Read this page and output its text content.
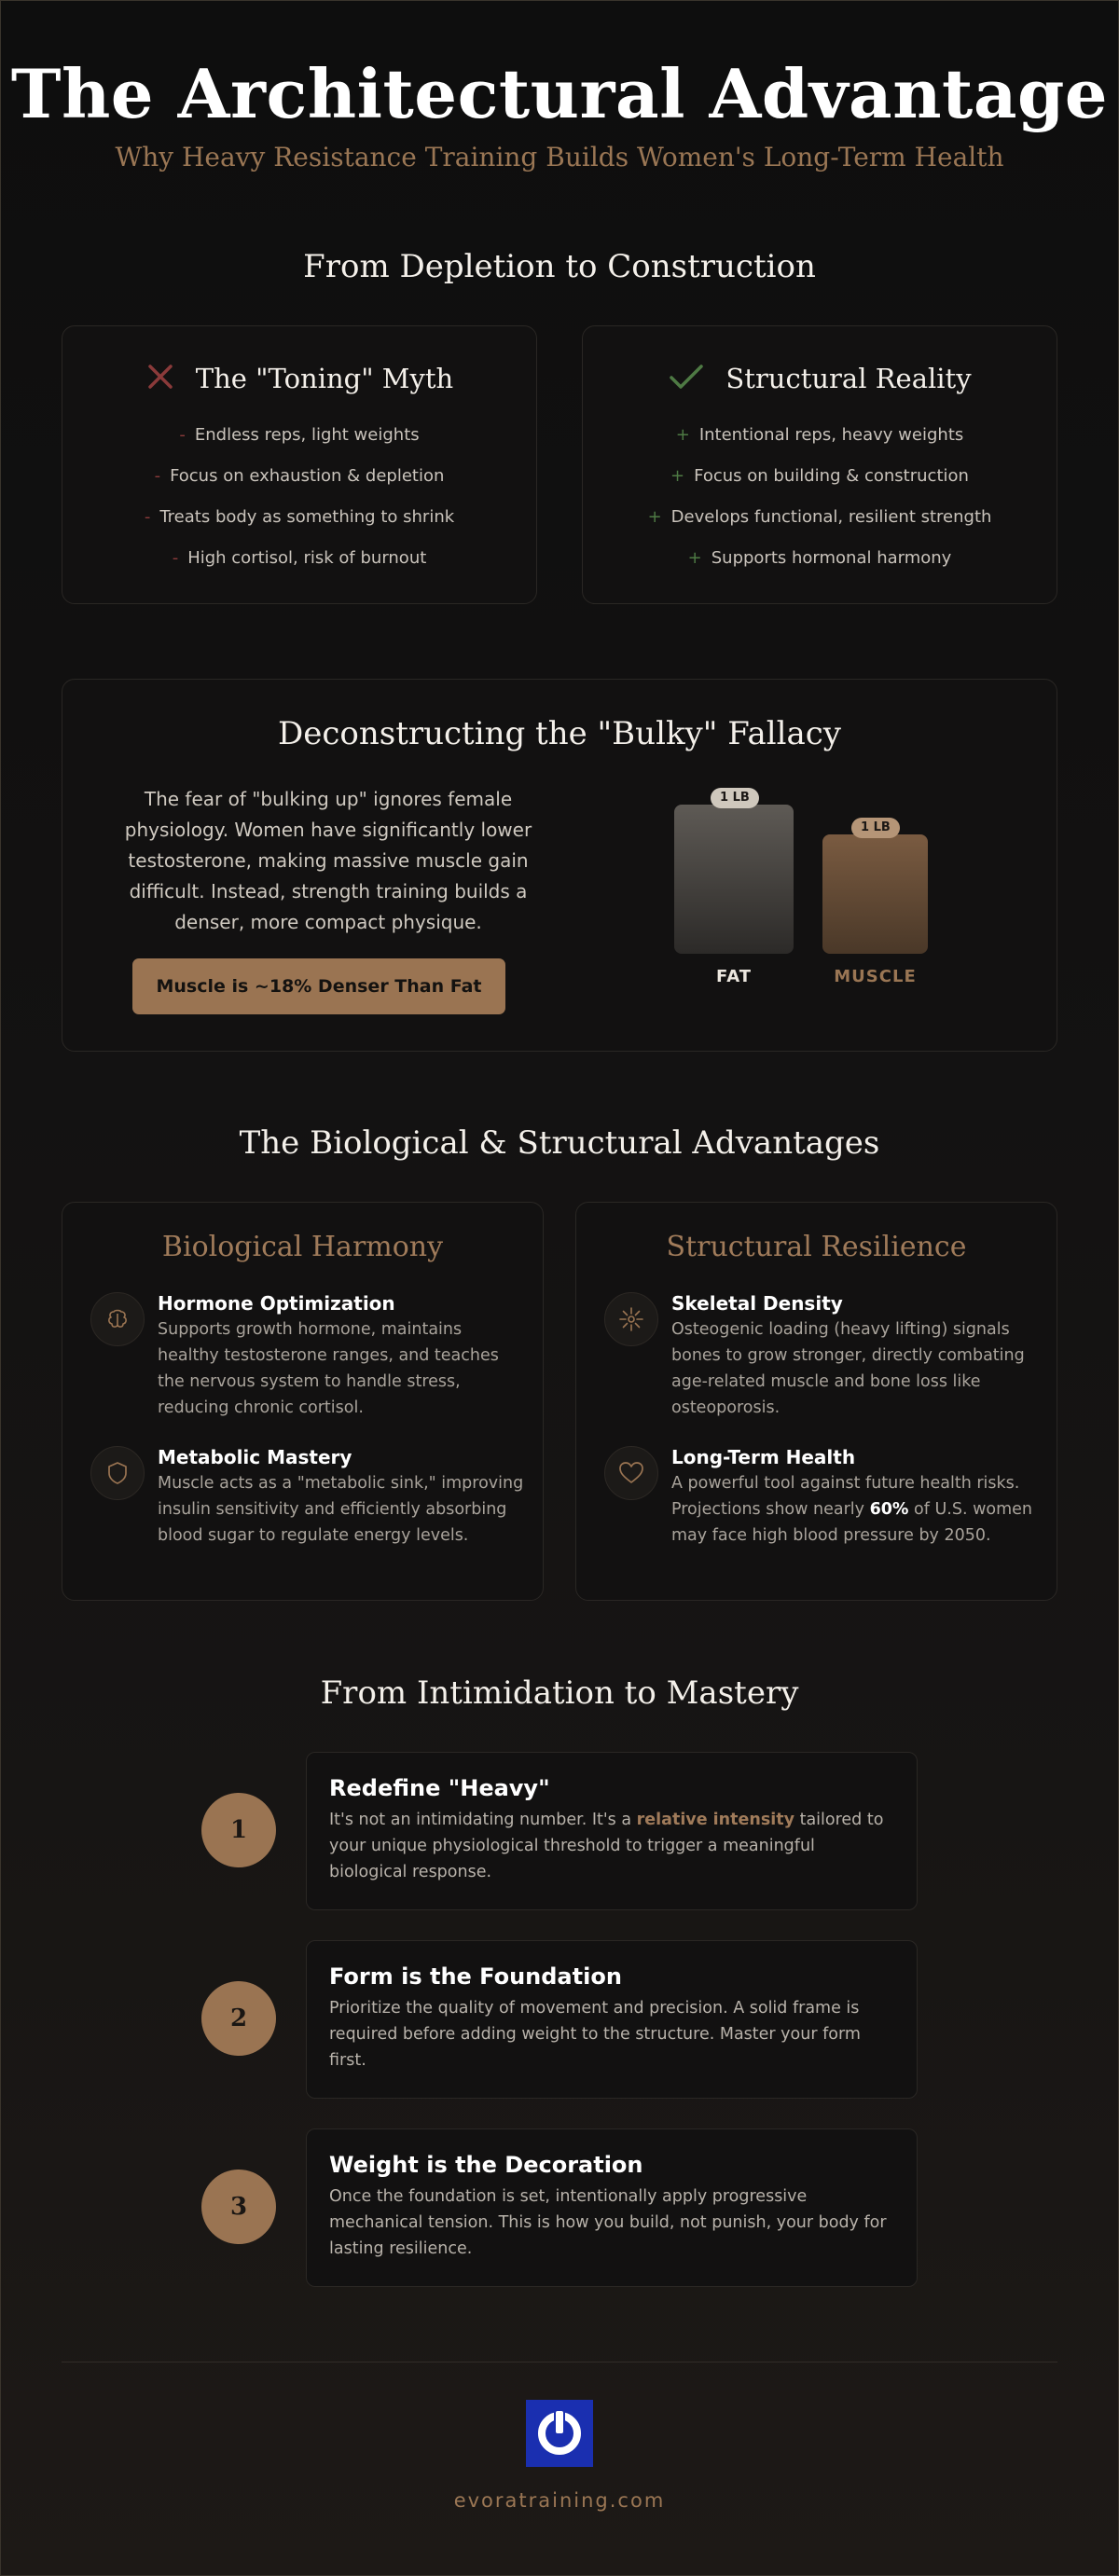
The Architectural Advantage
Why Heavy Resistance Training Builds Women's Long-Term Health
From Depletion to Construction
The "Toning" Myth
- Endless reps, light weights
- Focus on exhaustion & depletion
- Treats body as something to shrink
- High cortisol, risk of burnout
Structural Reality
+ Intentional reps, heavy weights
+ Focus on building & construction
+ Develops functional, resilient strength
+ Supports hormonal harmony
Deconstructing the "Bulky" Fallacy
The fear of "bulking up" ignores female physiology. Women have significantly lower testosterone, making massive muscle gain difficult. Instead, strength training builds a denser, more compact physique.
Muscle is ~18% Denser Than Fat
1 LB
FAT
1 LB
MUSCLE
The Biological & Structural Advantages
Biological Harmony

Hormone Optimization

Supports growth hormone, maintains healthy testosterone ranges, and teaches the nervous system to handle stress, reducing chronic cortisol.

Metabolic Mastery

Muscle acts as a "metabolic sink," improving insulin sensitivity and efficiently absorbing blood sugar to regulate energy levels.

Structural Resilience

Skeletal Density

Osteogenic loading (heavy lifting) signals bones to grow stronger, directly combating age-related muscle and bone loss like osteoporosis.

Long-Term Health

A powerful tool against future health risks. Projections show nearly 60% of U.S. women may face high blood pressure by 2050.

From Intimidation to Mastery
1

Redefine "Heavy"

It's not an intimidating number. It's a relative intensity tailored to your unique physiological threshold to trigger a meaningful biological response.

2

Form is the Foundation

Prioritize the quality of movement and precision. A solid frame is required before adding weight to the structure. Master your form first.

3

Weight is the Decoration

Once the foundation is set, intentionally apply progressive mechanical tension. This is how you build, not punish, your body for lasting resilience.

evoratraining.com
